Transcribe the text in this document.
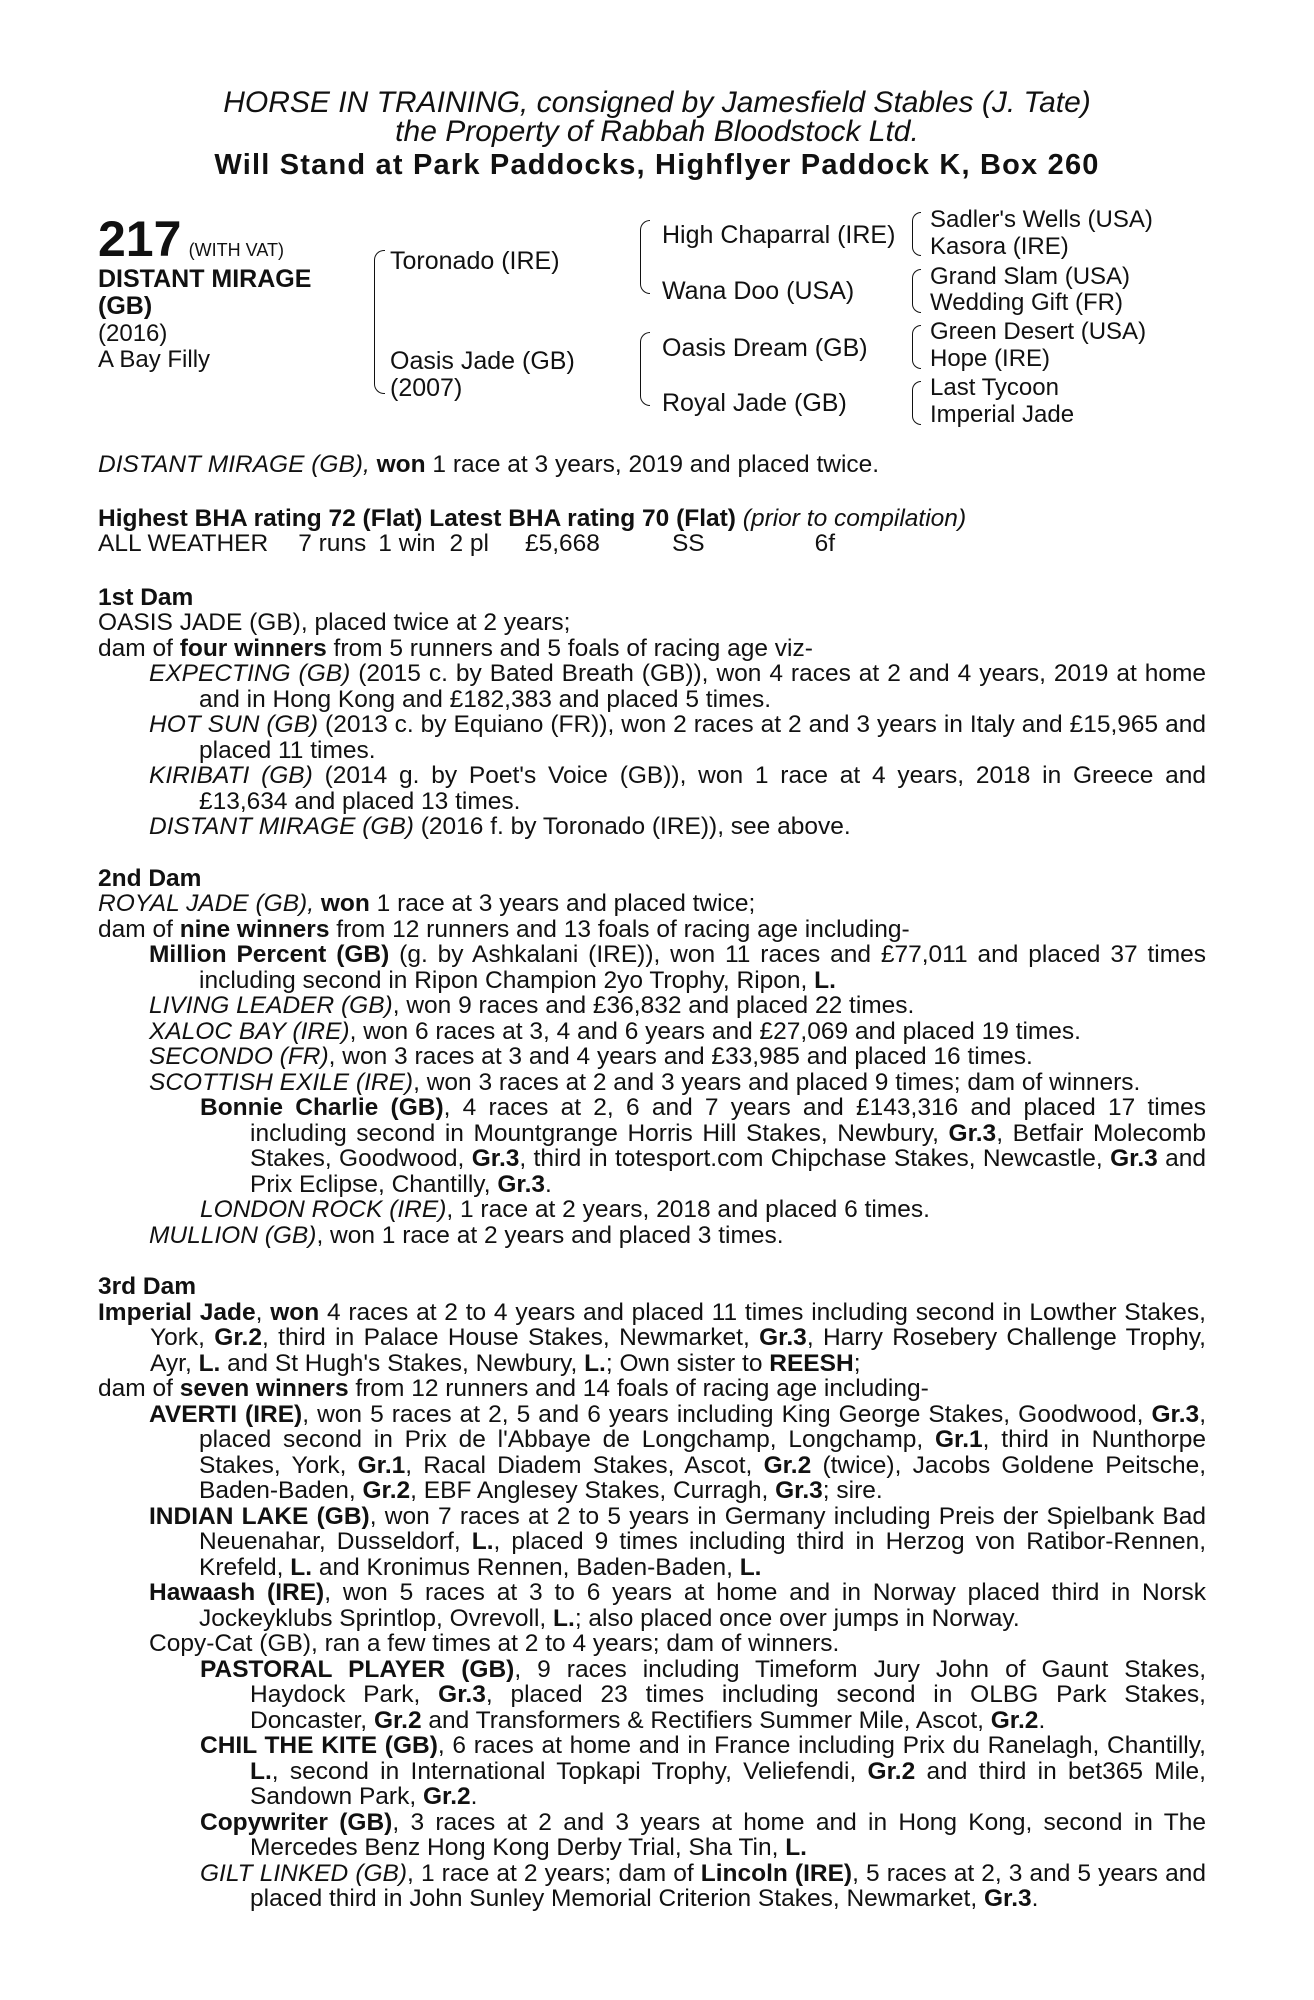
HORSE IN TRAINING, consigned by Jamesfield Stables (J. Tate)
the Property of Rabbah Bloodstock Ltd.
Will Stand at Park Paddocks, Highflyer Paddock K, Box 260
217 (WITH VAT)
DISTANT MIRAGE
(GB)
(2016)
A Bay Filly
Toronado (IRE)
Oasis Jade (GB)
(2007)
High Chaparral (IRE)
Wana Doo (USA)
Oasis Dream (GB)
Royal Jade (GB)
Sadler's Wells (USA)
Kasora (IRE)
Grand Slam (USA)
Wedding Gift (FR)
Green Desert (USA)
Hope (IRE)
Last Tycoon
Imperial Jade

DISTANT MIRAGE (GB), won 1 race at 3 years, 2019 and placed twice.

Highest BHA rating 72 (Flat) Latest BHA rating 70 (Flat) (prior to compilation)

ALL WEATHER 7 runs 1 win 2 pl £5,668	SS	6f

1st Dam

OASIS JADE (GB), placed twice at 2 years;

dam of four winners from 5 runners and 5 foals of racing age viz-

EXPECTING (GB) (2015 c. by Bated Breath (GB)), won 4 races at 2 and 4 years, 2019 at home and in Hong Kong and £182,383 and placed 5 times.

HOT SUN (GB) (2013 c. by Equiano (FR)), won 2 races at 2 and 3 years in Italy and £15,965 and placed 11 times.

KIRIBATI (GB) (2014 g. by Poet's Voice (GB)), won 1 race at 4 years, 2018 in Greece and £13,634 and placed 13 times.

DISTANT MIRAGE (GB) (2016 f. by Toronado (IRE)), see above.

2nd Dam

ROYAL JADE (GB), won 1 race at 3 years and placed twice;

dam of nine winners from 12 runners and 13 foals of racing age including-

Million Percent (GB) (g. by Ashkalani (IRE)), won 11 races and £77,011 and placed 37 times including second in Ripon Champion 2yo Trophy, Ripon, L.

LIVING LEADER (GB), won 9 races and £36,832 and placed 22 times.

XALOC BAY (IRE), won 6 races at 3, 4 and 6 years and £27,069 and placed 19 times.

SECONDO (FR), won 3 races at 3 and 4 years and £33,985 and placed 16 times.

SCOTTISH EXILE (IRE), won 3 races at 2 and 3 years and placed 9 times; dam of winners.

Bonnie Charlie (GB), 4 races at 2, 6 and 7 years and £143,316 and placed 17 times including second in Mountgrange Horris Hill Stakes, Newbury, Gr.3, Betfair Molecomb Stakes, Goodwood, Gr.3, third in totesport.com Chipchase Stakes, Newcastle, Gr.3 and Prix Eclipse, Chantilly, Gr.3.

LONDON ROCK (IRE), 1 race at 2 years, 2018 and placed 6 times.

MULLION (GB), won 1 race at 2 years and placed 3 times.

3rd Dam

Imperial Jade, won 4 races at 2 to 4 years and placed 11 times including second in Lowther Stakes, York, Gr.2, third in Palace House Stakes, Newmarket, Gr.3, Harry Rosebery Challenge Trophy, Ayr, L. and St Hugh's Stakes, Newbury, L.; Own sister to REESH;

dam of seven winners from 12 runners and 14 foals of racing age including-

AVERTI (IRE), won 5 races at 2, 5 and 6 years including King George Stakes, Goodwood, Gr.3, placed second in Prix de l'Abbaye de Longchamp, Longchamp, Gr.1, third in Nunthorpe Stakes, York, Gr.1, Racal Diadem Stakes, Ascot, Gr.2 (twice), Jacobs Goldene Peitsche, Baden-Baden, Gr.2, EBF Anglesey Stakes, Curragh, Gr.3; sire.

INDIAN LAKE (GB), won 7 races at 2 to 5 years in Germany including Preis der Spielbank Bad Neuenahar, Dusseldorf, L., placed 9 times including third in Herzog von Ratibor-Rennen, Krefeld, L. and Kronimus Rennen, Baden-Baden, L.

Hawaash (IRE), won 5 races at 3 to 6 years at home and in Norway placed third in Norsk Jockeyklubs Sprintlop, Ovrevoll, L.; also placed once over jumps in Norway.

Copy-Cat (GB), ran a few times at 2 to 4 years; dam of winners.

PASTORAL PLAYER (GB), 9 races including Timeform Jury John of Gaunt Stakes, Haydock Park, Gr.3, placed 23 times including second in OLBG Park Stakes, Doncaster, Gr.2 and Transformers & Rectifiers Summer Mile, Ascot, Gr.2.

CHIL THE KITE (GB), 6 races at home and in France including Prix du Ranelagh, Chantilly, L., second in International Topkapi Trophy, Veliefendi, Gr.2 and third in bet365 Mile, Sandown Park, Gr.2.

Copywriter (GB), 3 races at 2 and 3 years at home and in Hong Kong, second in The Mercedes Benz Hong Kong Derby Trial, Sha Tin, L.

GILT LINKED (GB), 1 race at 2 years; dam of Lincoln (IRE), 5 races at 2, 3 and 5 years and placed third in John Sunley Memorial Criterion Stakes, Newmarket, Gr.3.
